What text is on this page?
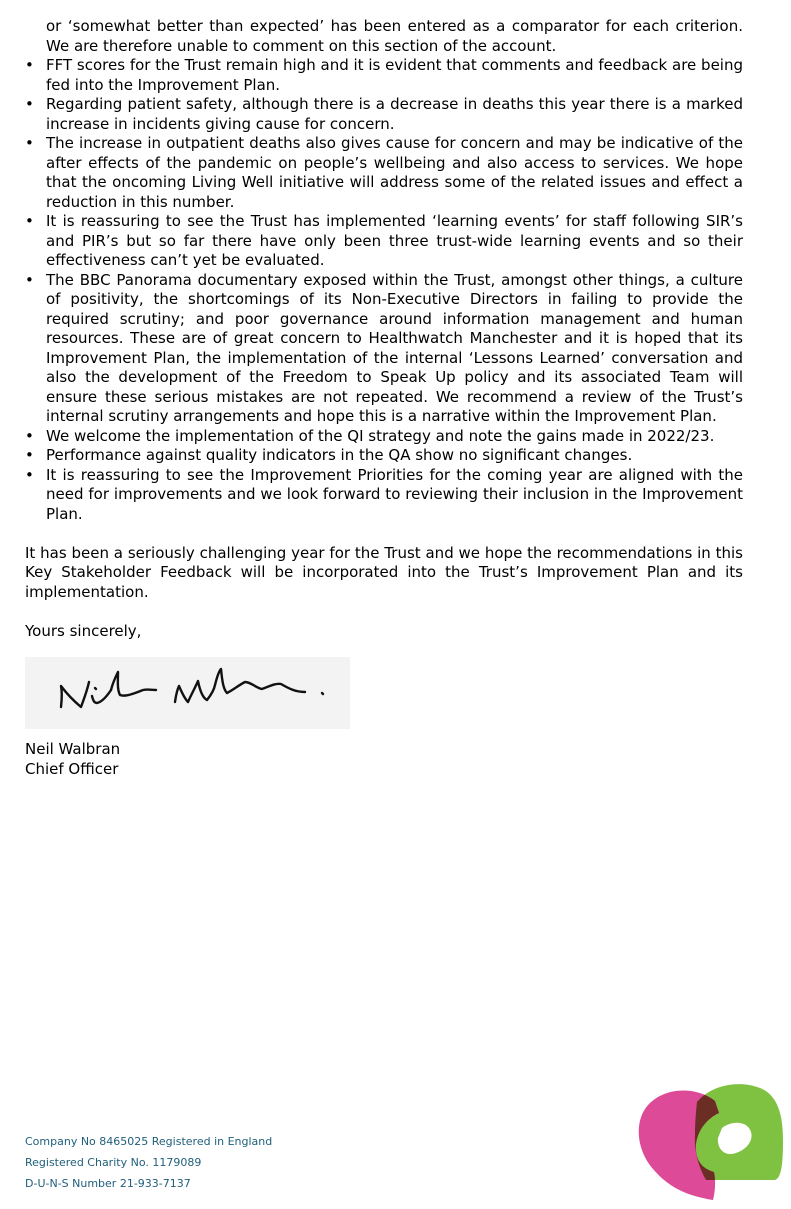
or ‘somewhat better than expected’ has been entered as a comparator for each criterion. We are therefore unable to comment on this section of the account.

• FFT scores for the Trust remain high and it is evident that comments and feedback are being fed into the Improvement Plan.
• Regarding patient safety, although there is a decrease in deaths this year there is a marked increase in incidents giving cause for concern.
• The increase in outpatient deaths also gives cause for concern and may be indicative of the after effects of the pandemic on people’s wellbeing and also access to services. We hope that the oncoming Living Well initiative will address some of the related issues and effect a reduction in this number.
• It is reassuring to see the Trust has implemented ‘learning events’ for staff following SIR’s and PIR’s but so far there have only been three trust-wide learning events and so their effectiveness can’t yet be evaluated.
• The BBC Panorama documentary exposed within the Trust, amongst other things, a culture of positivity, the shortcomings of its Non-Executive Directors in failing to provide the required scrutiny; and poor governance around information management and human resources. These are of great concern to Healthwatch Manchester and it is hoped that its Improvement Plan, the implementation of the internal ‘Lessons Learned’ conversation and also the development of the Freedom to Speak Up policy and its associated Team will ensure these serious mistakes are not repeated. We recommend a review of the Trust’s internal scrutiny arrangements and hope this is a narrative within the Improvement Plan.
• We welcome the implementation of the QI strategy and note the gains made in 2022/23.
• Performance against quality indicators in the QA show no significant changes.
• It is reassuring to see the Improvement Priorities for the coming year are aligned with the need for improvements and we look forward to reviewing their inclusion in the Improvement Plan.

It has been a seriously challenging year for the Trust and we hope the recommendations in this Key Stakeholder Feedback will be incorporated into the Trust’s Improvement Plan and its implementation.

Yours sincerely,

Neil Walbran
Chief Officer
Company No 8465025 Registered in England
Registered Charity No. 1179089
D-U-N-S Number 21-933-7137
